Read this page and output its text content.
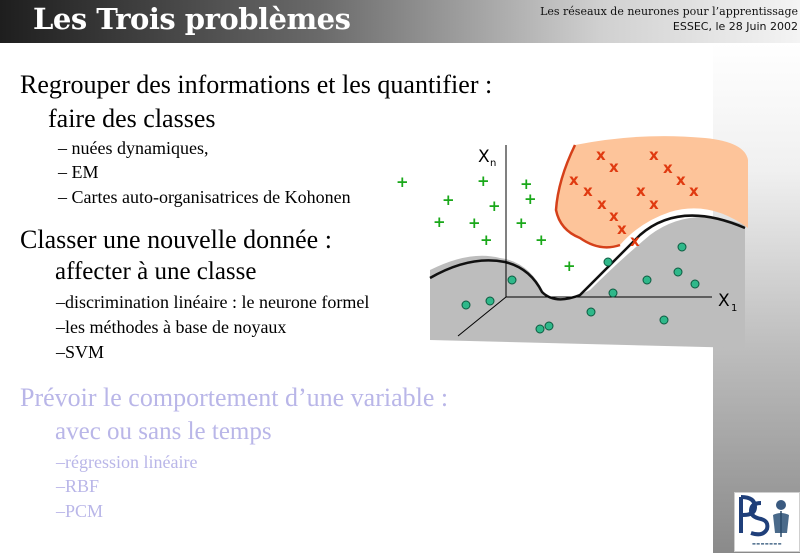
Les Trois problèmes	Les réseaux de neurones pour l’apprentissage
ESSEC, le 28 Juin 2002
Regrouper des informations et les quantifier :
faire des classes
– nuées dynamiques,
– EM
– Cartes auto-organisatrices de Kohonen
Classer une nouvelle donnée :
affecter à une classe
–discrimination linéaire : le neurone formel
–les méthodes à base de noyaux
–SVM
Prévoir le comportement d’une variable :
avec ou sans le temps
–régression linéaire
–RBF
–PCM
X n
X 1
+	+ +
+ + +
+ + +
+	+
+
x	x
x	x
x	x
x	x	x
x	x
x
x
x
▬▬▬▬▬▬▬
